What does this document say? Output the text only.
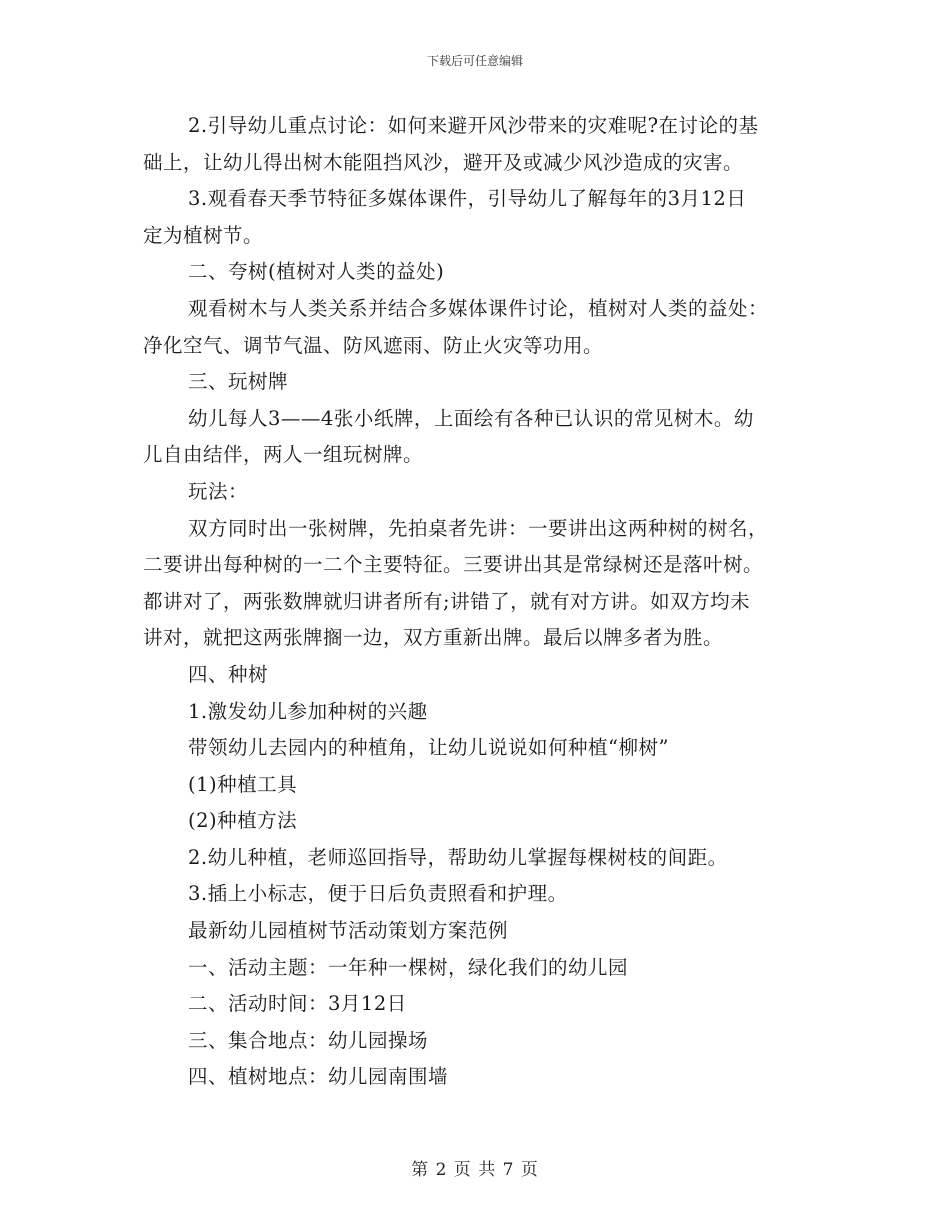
下载后可任意编辑
2.引导幼儿重点讨论：如何来避开风沙带来的灾难呢?在讨论的基
础上，让幼儿得出树木能阻挡风沙，避开及或减少风沙造成的灾害。
3.观看春天季节特征多媒体课件，引导幼儿了解每年的3月12日
定为植树节。
二、夸树(植树对人类的益处)
观看树木与人类关系并结合多媒体课件讨论，植树对人类的益处：
净化空气、调节气温、防风遮雨、防止火灾等功用。
三、玩树牌
幼儿每人3——4张小纸牌，上面绘有各种已认识的常见树木。幼
儿自由结伴，两人一组玩树牌。
玩法：
双方同时出一张树牌，先拍桌者先讲：一要讲出这两种树的树名，
二要讲出每种树的一二个主要特征。三要讲出其是常绿树还是落叶树。
都讲对了，两张数牌就归讲者所有;讲错了，就有对方讲。如双方均未
讲对，就把这两张牌搁一边，双方重新出牌。最后以牌多者为胜。
四、种树
1.激发幼儿参加种树的兴趣
带领幼儿去园内的种植角，让幼儿说说如何种植“柳树”
(1)种植工具
(2)种植方法
2.幼儿种植，老师巡回指导，帮助幼儿掌握每棵树枝的间距。
3.插上小标志，便于日后负责照看和护理。
最新幼儿园植树节活动策划方案范例
一、活动主题：一年种一棵树，绿化我们的幼儿园
二、活动时间：3月12日
三、集合地点：幼儿园操场
四、植树地点：幼儿园南围墙
第 2 页 共 7 页
